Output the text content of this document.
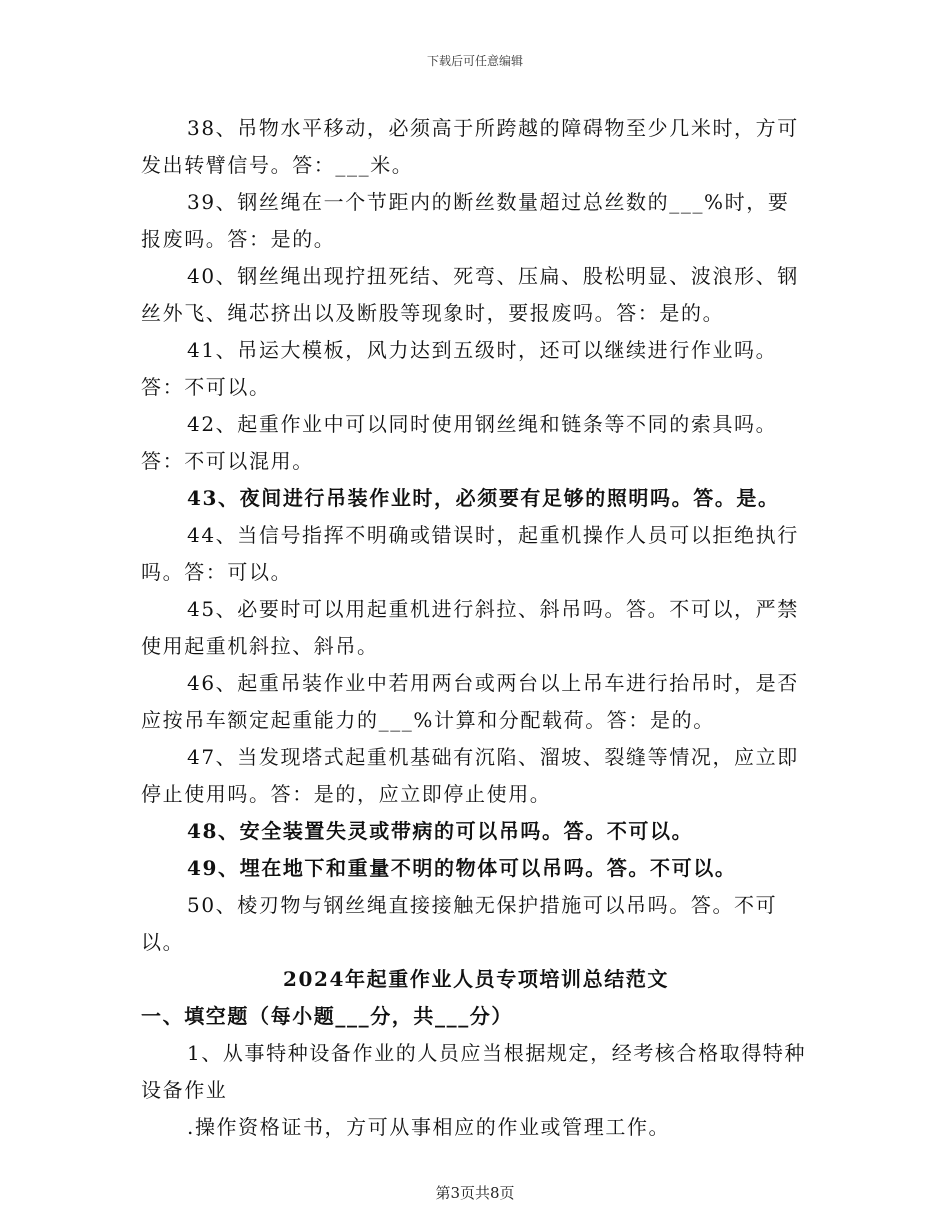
下载后可任意编辑

38、吊物水平移动，必须高于所跨越的障碍物至少几米时，方可发出转臂信号。答：___米。

39、钢丝绳在一个节距内的断丝数量超过总丝数的___%时，要报废吗。答：是的。

40、钢丝绳出现拧扭死结、死弯、压扁、股松明显、波浪形、钢丝外飞、绳芯挤出以及断股等现象时，要报废吗。答：是的。

41、吊运大模板，风力达到五级时，还可以继续进行作业吗。答：不可以。

42、起重作业中可以同时使用钢丝绳和链条等不同的索具吗。答：不可以混用。

43、夜间进行吊装作业时，必须要有足够的照明吗。答。是。

44、当信号指挥不明确或错误时，起重机操作人员可以拒绝执行吗。答：可以。

45、必要时可以用起重机进行斜拉、斜吊吗。答。不可以，严禁使用起重机斜拉、斜吊。

46、起重吊装作业中若用两台或两台以上吊车进行抬吊时，是否应按吊车额定起重能力的___%计算和分配载荷。答：是的。

47、当发现塔式起重机基础有沉陷、溜坡、裂缝等情况，应立即停止使用吗。答：是的，应立即停止使用。

48、安全装置失灵或带病的可以吊吗。答。不可以。

49、埋在地下和重量不明的物体可以吊吗。答。不可以。

50、棱刃物与钢丝绳直接接触无保护措施可以吊吗。答。不可以。

2024年起重作业人员专项培训总结范文

一、填空题（每小题___分，共___分）

1、从事特种设备作业的人员应当根据规定，经考核合格取得特种设备作业

.操作资格证书，方可从事相应的作业或管理工作。

第3页共8页
